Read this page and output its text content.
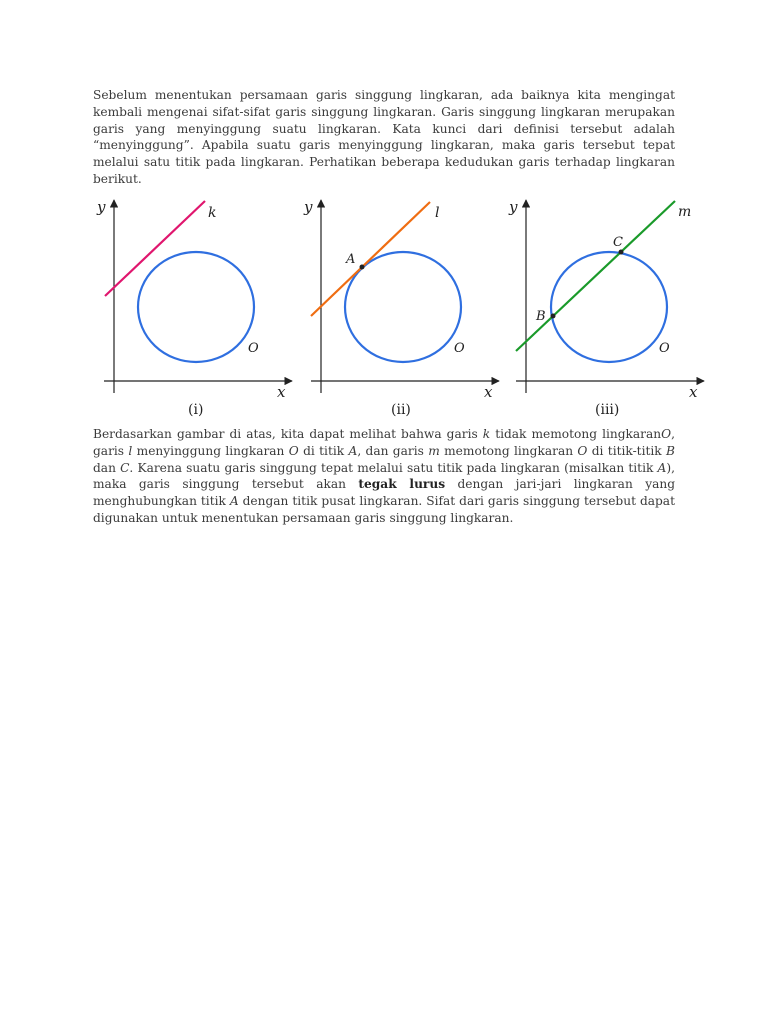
Sebelum menentukan persamaan garis singgung lingkaran, ada baiknya kita mengingat kembali mengenai sifat-sifat garis singgung lingkaran. Garis singgung lingkaran merupakan garis yang menyinggung suatu lingkaran. Kata kunci dari definisi tersebut adalah “menyinggung”. Apabila suatu garis menyinggung lingkaran, maka garis tersebut tepat melalui satu titik pada lingkaran. Perhatikan beberapa kedudukan garis terhadap lingkaran berikut.

y
x
k
O
(i)
A
y
x
l
O
(ii)
B
C
y
x
m
O
(iii)

Berdasarkan gambar di atas, kita dapat melihat bahwa garis k tidak memotong lingkaranO, garis l menyinggung lingkaran O di titik A, dan garis m memotong lingkaran O di titik-titik B dan C. Karena suatu garis singgung tepat melalui satu titik pada lingkaran (misalkan titik A), maka garis singgung tersebut akan tegak lurus dengan jari-jari lingkaran yang menghubungkan titik A dengan titik pusat lingkaran. Sifat dari garis singgung tersebut dapat digunakan untuk menentukan persamaan garis singgung lingkaran.
